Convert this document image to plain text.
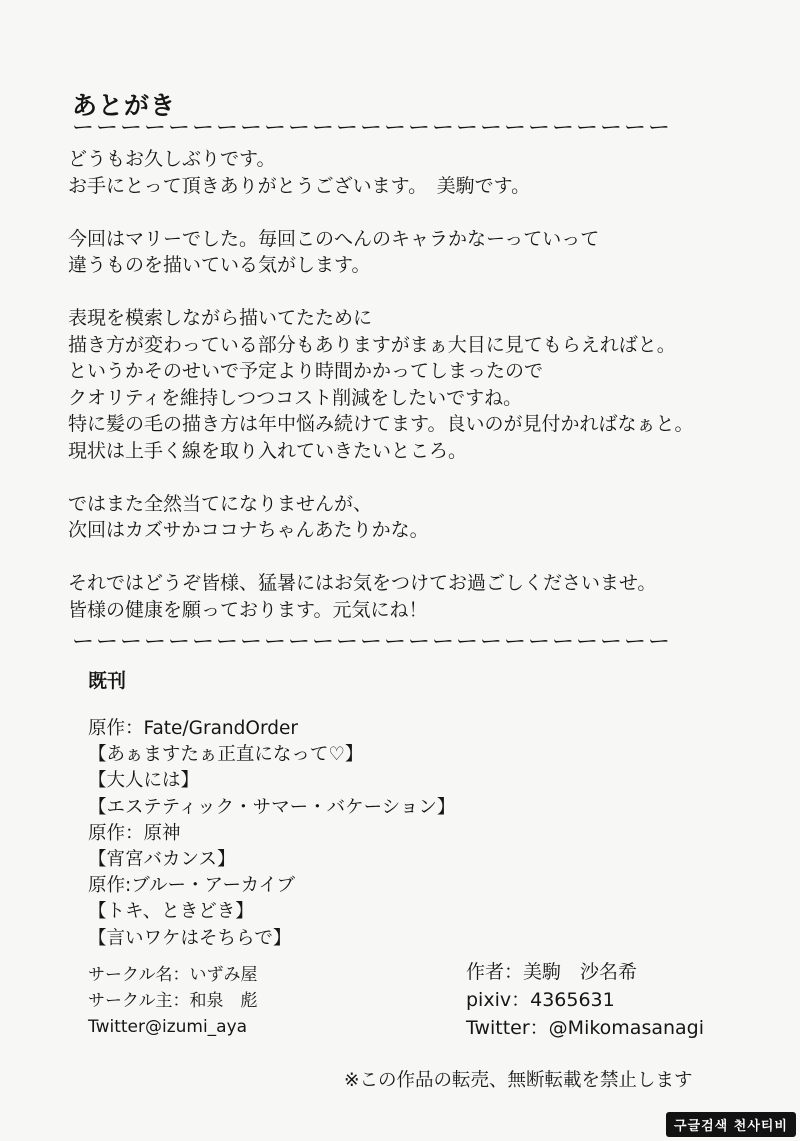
あとがき
ーーーーーーーーーーーーーーーーーーーーーーーーー

どうもお久しぶりです。
お手にとって頂きありがとうございます。　美駒です。

今回はマリーでした。毎回このへんのキャラかなーっていって
違うものを描いている気がします。

表現を模索しながら描いてたために
描き方が変わっている部分もありますがまぁ大目に見てもらえればと。
というかそのせいで予定より時間かかってしまったので
クオリティを維持しつつコスト削減をしたいですね。
特に髪の毛の描き方は年中悩み続けてます。良いのが見付かればなぁと。
現状は上手く線を取り入れていきたいところ。

ではまた全然当てになりませんが、
次回はカズサかココナちゃんあたりかな。

それではどうぞ皆様、猛暑にはお気をつけてお過ごしくださいませ。
皆様の健康を願っております。元気にね！

ーーーーーーーーーーーーーーーーーーーーーーーーー
既刊
原作：Fate/GrandOrder
【あぁますたぁ正直になって♡】
【大人には】
【エステティック・サマー・バケーション】
原作：原神
【宵宮バカンス】
原作:ブルー・アーカイブ
【トキ、ときどき】
【言いワケはそちらで】
サークル名：いずみ屋
サークル主：和泉　彪
Twitter@izumi_aya
作者：美駒　沙名希
pixiv：4365631
Twitter：@Mikomasanagi
※この作品の転売、無断転載を禁止します
구글검색 천사티비
